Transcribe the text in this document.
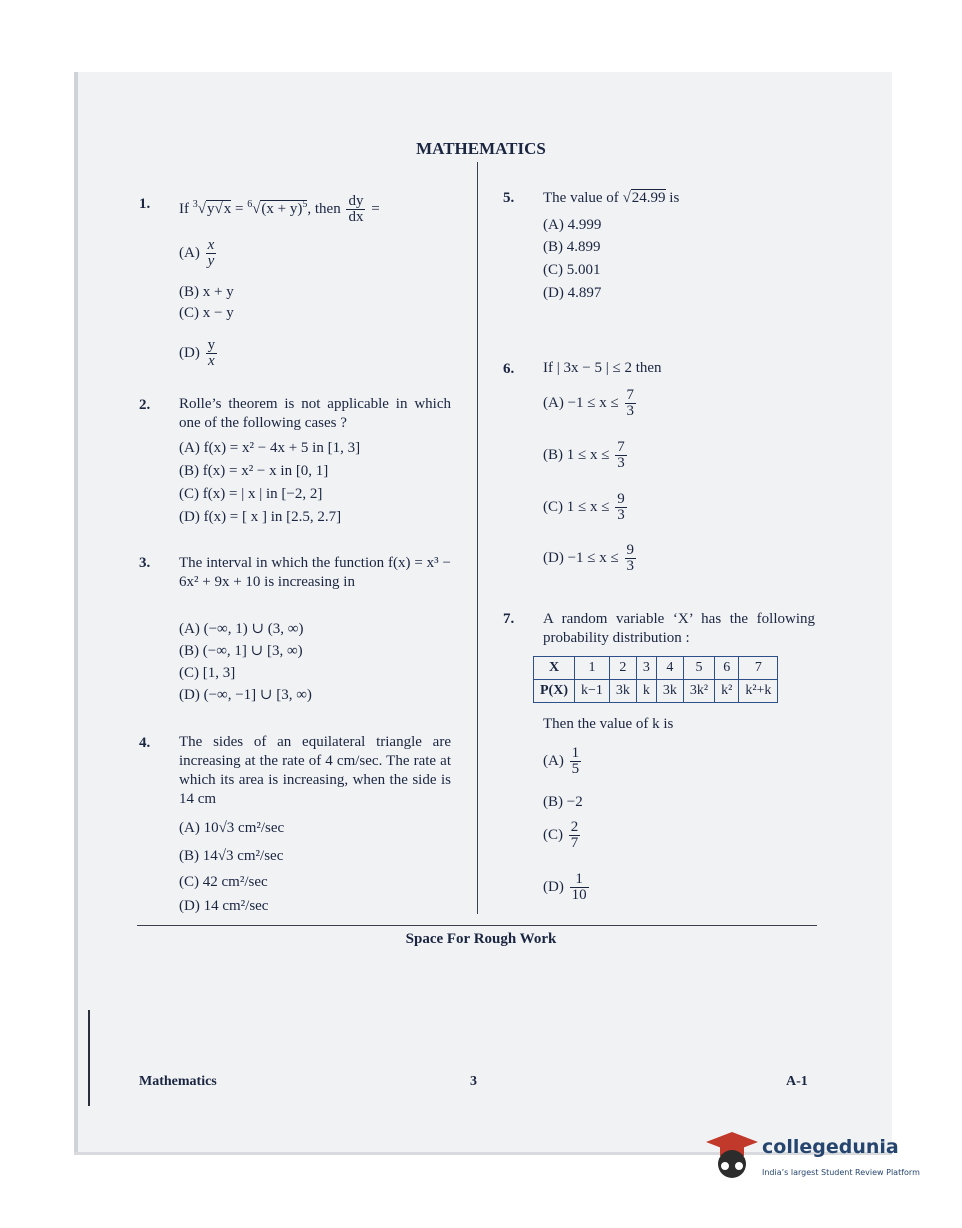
MATHEMATICS
1. If $^3√y√x = ^6√(x + y)^5$, then $\frac{dy}{dx}$ =
$(A) \frac{x}{y}$
(B) x + y
(C) x − y
$(D) \frac{y}{x}$
2. Rolle’s theorem is not applicable in which one of the following cases ?
(A) f(x) = x² − 4x + 5 in [1, 3]
(B) f(x) = x² − x in [0, 1]
(C) f(x) = | x | in [−2, 2]
(D) f(x) = [ x ] in [2.5, 2.7]
3. The interval in which the function f(x) = x³ − 6x² + 9x + 10 is increasing in
(A) (−∞, 1) ∪ (3, ∞)
(B) (−∞, 1] ∪ [3, ∞)
(C) [1, 3]
(D) (−∞, −1] ∪ [3, ∞)
4. The sides of an equilateral triangle are increasing at the rate of 4 cm/sec. The rate at which its area is increasing, when the side is 14 cm
(A) 10√3 cm²/sec
(B) 14√3 cm²/sec
(C) 42 cm²/sec
(D) 14 cm²/sec
5. The value of √24.99 is
(A) 4.999
(B) 4.899
(C) 5.001
(D) 4.897
6. If | 3x − 5 | ≤ 2 then
$(A) -1 \le x \le \frac{7}{3}$
(B) $1 \le x \le \frac{7}{3}$
(C) $1 \le x \le \frac{9}{3}$
$(D) -1 \le x \le \frac{9}{3}$
7. A random variable ‘X’ has the following probability distribution :
X	1	2	3	4	5	6	7
P(X)	k−1	3k	k	3k	3k²	k²	k²+k
Then the value of k is
$(A) \frac{1}{5}$
(B) −2
$(C) \frac{2}{7}$
$(D) \frac{1}{10}$
Space For Rough Work
Mathematics	3	A-1
collegedunia
India’s largest Student Review Platform
